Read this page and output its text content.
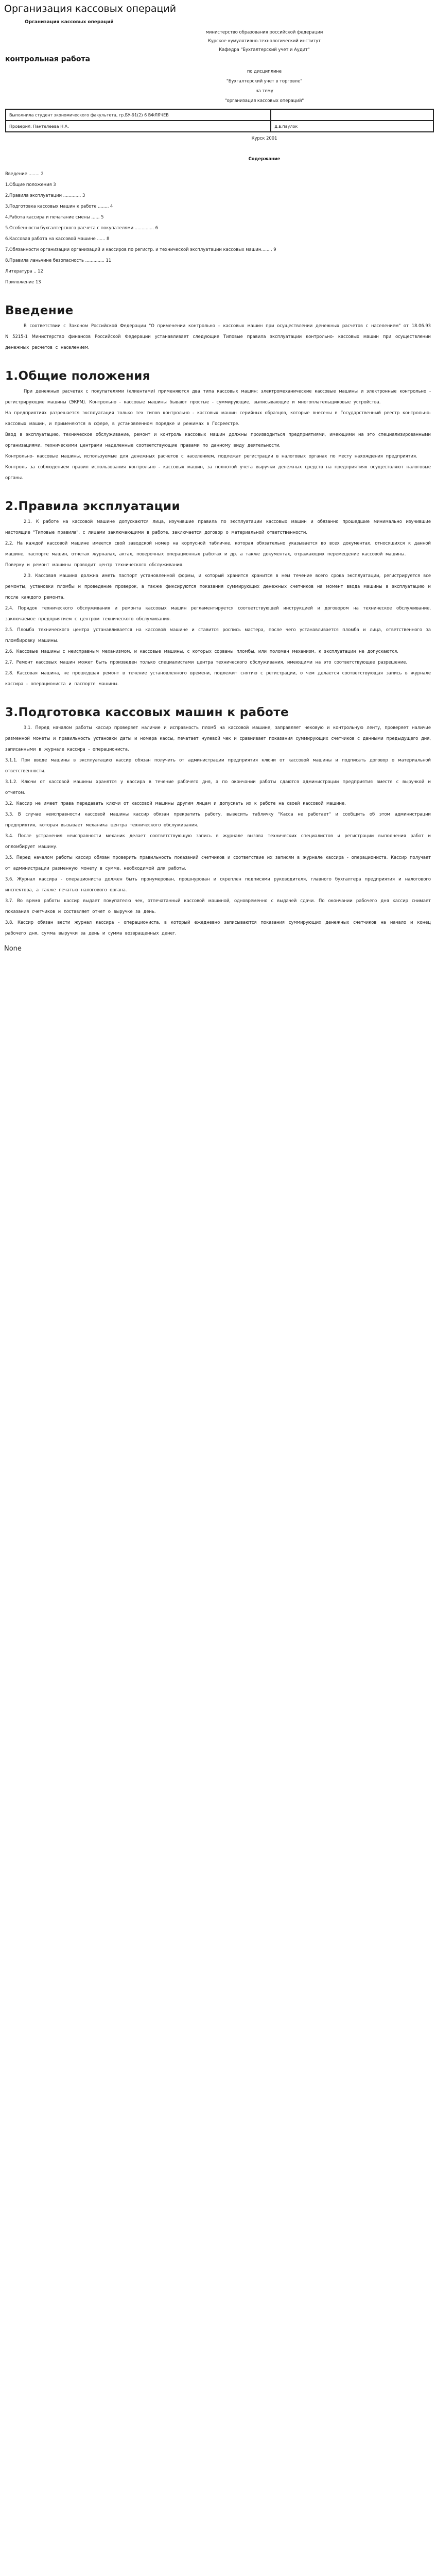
Организация кассовых операций
Организация кассовых операций
министерство образования российской федерации
Курское кумулятивно-технологический институт
Кафедра "Бухгалтерский учет и Аудит"
контрольная работа
по дисциплине
"Бухгалтерский учет в торговле"
на тему
"организация кассовых операций"
Выполнила студент экономического факультета, гр.БУ-91(2) 6 ВФЛЯЧЕВ	
Проверил: Пантелеева Н.А.	д.в.паулок
Курск 2001
Содержание
Введение ........ 2
1.Общие положения 3
2.Правила эксплуатации ............. 3
3.Подготовка кассовых машин к работе ........ 4
4.Работа кассира и печатание смены ...... 5
5.Особенности бухгалтерского расчета с покупателями .............. 6
6.Кассовая работа на кассовой машине ...... 8
7.Обязанности организации организаций и кассиров по регистр. и технической эксплуатации кассовых машин........ 9
8.Правила ланьчине безопасность .............. 11
Литература .. 12
Приложение 13
Введение

В соответствии с Законом Российской Федерации "О применении контрольно – кассовых машин при осуществлении денежных расчетов с населением" от 18.06.93 N 5215-1 Министерство финансов Российской Федерации устанавливает следующие Типовые правила эксплуатации контрольно- кассовых машин при осуществлении денежных расчетов с населением.

1.Общие положения

При денежных расчетах с покупателями (клиентами) применяются два типа кассовых машин: электромеханические кассовые машины и электронные контрольно - регистрирующие машины (ЭКРМ). Контрольно - кассовые машины бывают простые - суммирующие, выписывающие и многоплательщиковые устройства.

На предприятиях разрешается эксплуатация только тех типов контрольно - кассовых машин серийных образцов, которые внесены в Государственный реестр контрольно- кассовых машин, и применяются в сфере, в установленном порядке и режимах в Госреестре.

Ввод в эксплуатацию, техническое обслуживание, ремонт и контроль кассовых машин должны производиться предприятиями, имеющими на это специализированными организациями, техническими центрами наделенные соответствующие правами по данному виду деятельности.

Контрольно- кассовые машины, используемые для денежных расчетов с населением, подлежат регистрации в налоговых органах по месту нахождения предприятия.

Контроль за соблюдением правил использования контрольно - кассовых машин, за полнотой учета выручки денежных средств на предприятиях осуществляют налоговые органы.

2.Правила эксплуатации

2.1. К работе на кассовой машине допускаются лица, изучившие правила по эксплуатации кассовых машин и обязанно прошедшие минимально изучившие настоящие "Типовые правила", с лицами заключающими в работе, заключается договор о материальной ответственности.

2.2. На каждой кассовой машине имеется свой заводской номер на корпусной табличке, которая обязательно указывается во всех документах, относящихся к данной машине, паспорте машин, отчетах журналах, актах, поверочных операционных работах и др. а также документах, отражающих перемещение кассовой машины.

Поверку и ремонт машины проводит центр технического обслуживания.

2.3. Кассовая машина должна иметь паспорт установленной формы, и который хранится хранится в нем течение всего срока эксплуатации, регистрируется все ремонты, установки пломбы и проведение проверок, а также фиксируются показания суммирующих денежных счетчиков на момент ввода машины в эксплуатацию и после каждого ремонта.

2.4. Порядок технического обслуживания и ремонта кассовых машин регламентируется соответствующей инструкцией и договором на техническое обслуживание, заключаемое предприятием с центром технического обслуживания.

2.5. Пломба технического центра устанавливается на кассовой машине и ставится роспись мастера, после чего устанавливается пломба и лица, ответственного за пломбировку машины.

2.6. Кассовые машины с неисправным механизмом, и кассовые машины, с которых сорваны пломбы, или поломан механизм, к эксплуатации не допускаются.

2.7. Ремонт кассовых машин может быть произведен только специалистами центра технического обслуживания, имеющими на это соответствующее разрешение.

2.8. Кассовая машина, не прошедшая ремонт в течение установленного времени, подлежит снятию с регистрации, о чем делается соответствующая запись в журнале кассира - операциониста и паспорте машины.

3.Подготовка кассовых машин к работе

3.1. Перед началом работы кассир проверяет наличие и исправность пломб на кассовой машине, заправляет чековую и контрольную ленту, проверяет наличие разменной монеты и правильность установки даты и номера кассы, печатает нулевой чек и сравнивает показания суммирующих счетчиков с данными предыдущего дня, записанными в журнале кассира - операциониста.

3.1.1. При вводе машины в эксплуатацию кассир обязан получить от администрации предприятия ключи от кассовой машины и подписать договор о материальной ответственности.

3.1.2. Ключи от кассовой машины хранятся у кассира в течение рабочего дня, а по окончании работы сдаются администрации предприятия вместе с выручкой и отчетом.

3.2. Кассир не имеет права передавать ключи от кассовой машины другим лицам и допускать их к работе на своей кассовой машине.

3.3. В случае неисправности кассовой машины кассир обязан прекратить работу, вывесить табличку "Касса не работает" и сообщить об этом администрации предприятия, которая вызывает механика центра технического обслуживания.

3.4. После устранения неисправности механик делает соответствующую запись в журнале вызова технических специалистов и регистрации выполнения работ и опломбирует машину.

3.5. Перед началом работы кассир обязан проверить правильность показаний счетчиков и соответствие их записям в журнале кассира - операциониста. Кассир получает от администрации разменную монету в сумме, необходимой для работы.

3.6. Журнал кассира - операциониста должен быть пронумерован, прошнурован и скреплен подписями руководителя, главного бухгалтера предприятия и налогового инспектора, а также печатью налогового органа.

3.7. Во время работы кассир выдает покупателю чек, отпечатанный кассовой машиной, одновременно с выдачей сдачи. По окончании рабочего дня кассир снимает показания счетчиков и составляет отчет о выручке за день.

3.8. Кассир обязан вести журнал кассира - операциониста, в который ежедневно записываются показания суммирующих денежных счетчиков на начало и конец рабочего дня, сумма выручки за день и сумма возвращенных денег.

None
